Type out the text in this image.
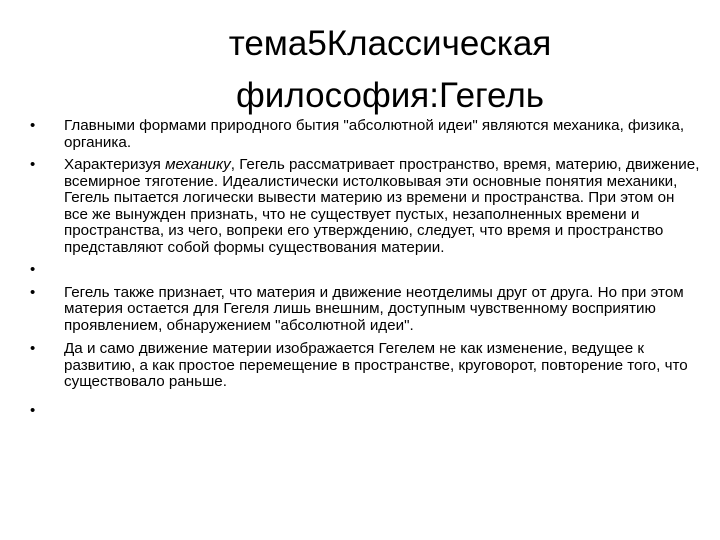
тема5Классическая
философия:Гегель
•	Главными формами природного бытия "абсолютной идеи" являются механика, физика, органика.
•	Характеризуя механику, Гегель рассматривает пространство, время, материю, движение, всемирное тяготение. Идеалистически истолковывая эти основные понятия механики, Гегель пытается логически вывести материю из времени и пространства. При этом он все же вынужден признать, что не существует пустых, незаполненных времени и пространства, из чего, вопреки его утверждению, следует, что время и пространство представляют собой формы существования материи.
•
•	Гегель также признает, что материя и движение неотделимы друг от друга. Но при этом материя остается для Гегеля лишь внешним, доступным чувственному восприятию проявлением, обнаружением "абсолютной идеи".
•	Да и само движение материи изображается Гегелем не как изменение, ведущее к развитию, а как простое перемещение в пространстве, круговорот, повторение того, что существовало раньше.
•
